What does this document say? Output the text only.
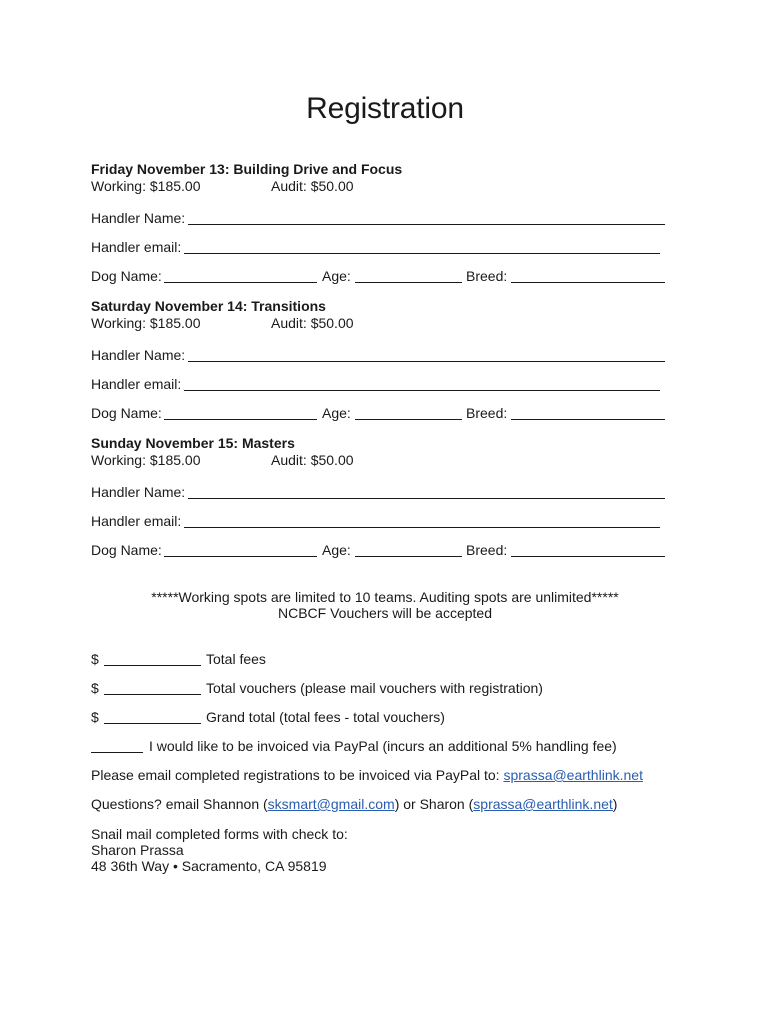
Registration
Friday November 13: Building Drive and Focus
Working: $185.00	Audit: $50.00
Handler Name:
Handler email:
Dog Name:	Age:	Breed:
Saturday November 14: Transitions
Working: $185.00	Audit: $50.00
Handler Name:
Handler email:
Dog Name:	Age:	Breed:
Sunday November 15: Masters
Working: $185.00	Audit: $50.00
Handler Name:
Handler email:
Dog Name:	Age:	Breed:
*****Working spots are limited to 10 teams. Auditing spots are unlimited*****
NCBCF Vouchers will be accepted
$	Total fees
$	Total vouchers (please mail vouchers with registration)
$	Grand total (total fees - total vouchers)
I would like to be invoiced via PayPal (incurs an additional 5% handling fee)
Please email completed registrations to be invoiced via PayPal to: sprassa@earthlink.net
Questions? email Shannon (sksmart@gmail.com) or Sharon (sprassa@earthlink.net)
Snail mail completed forms with check to:
Sharon Prassa
48 36th Way • Sacramento, CA 95819
